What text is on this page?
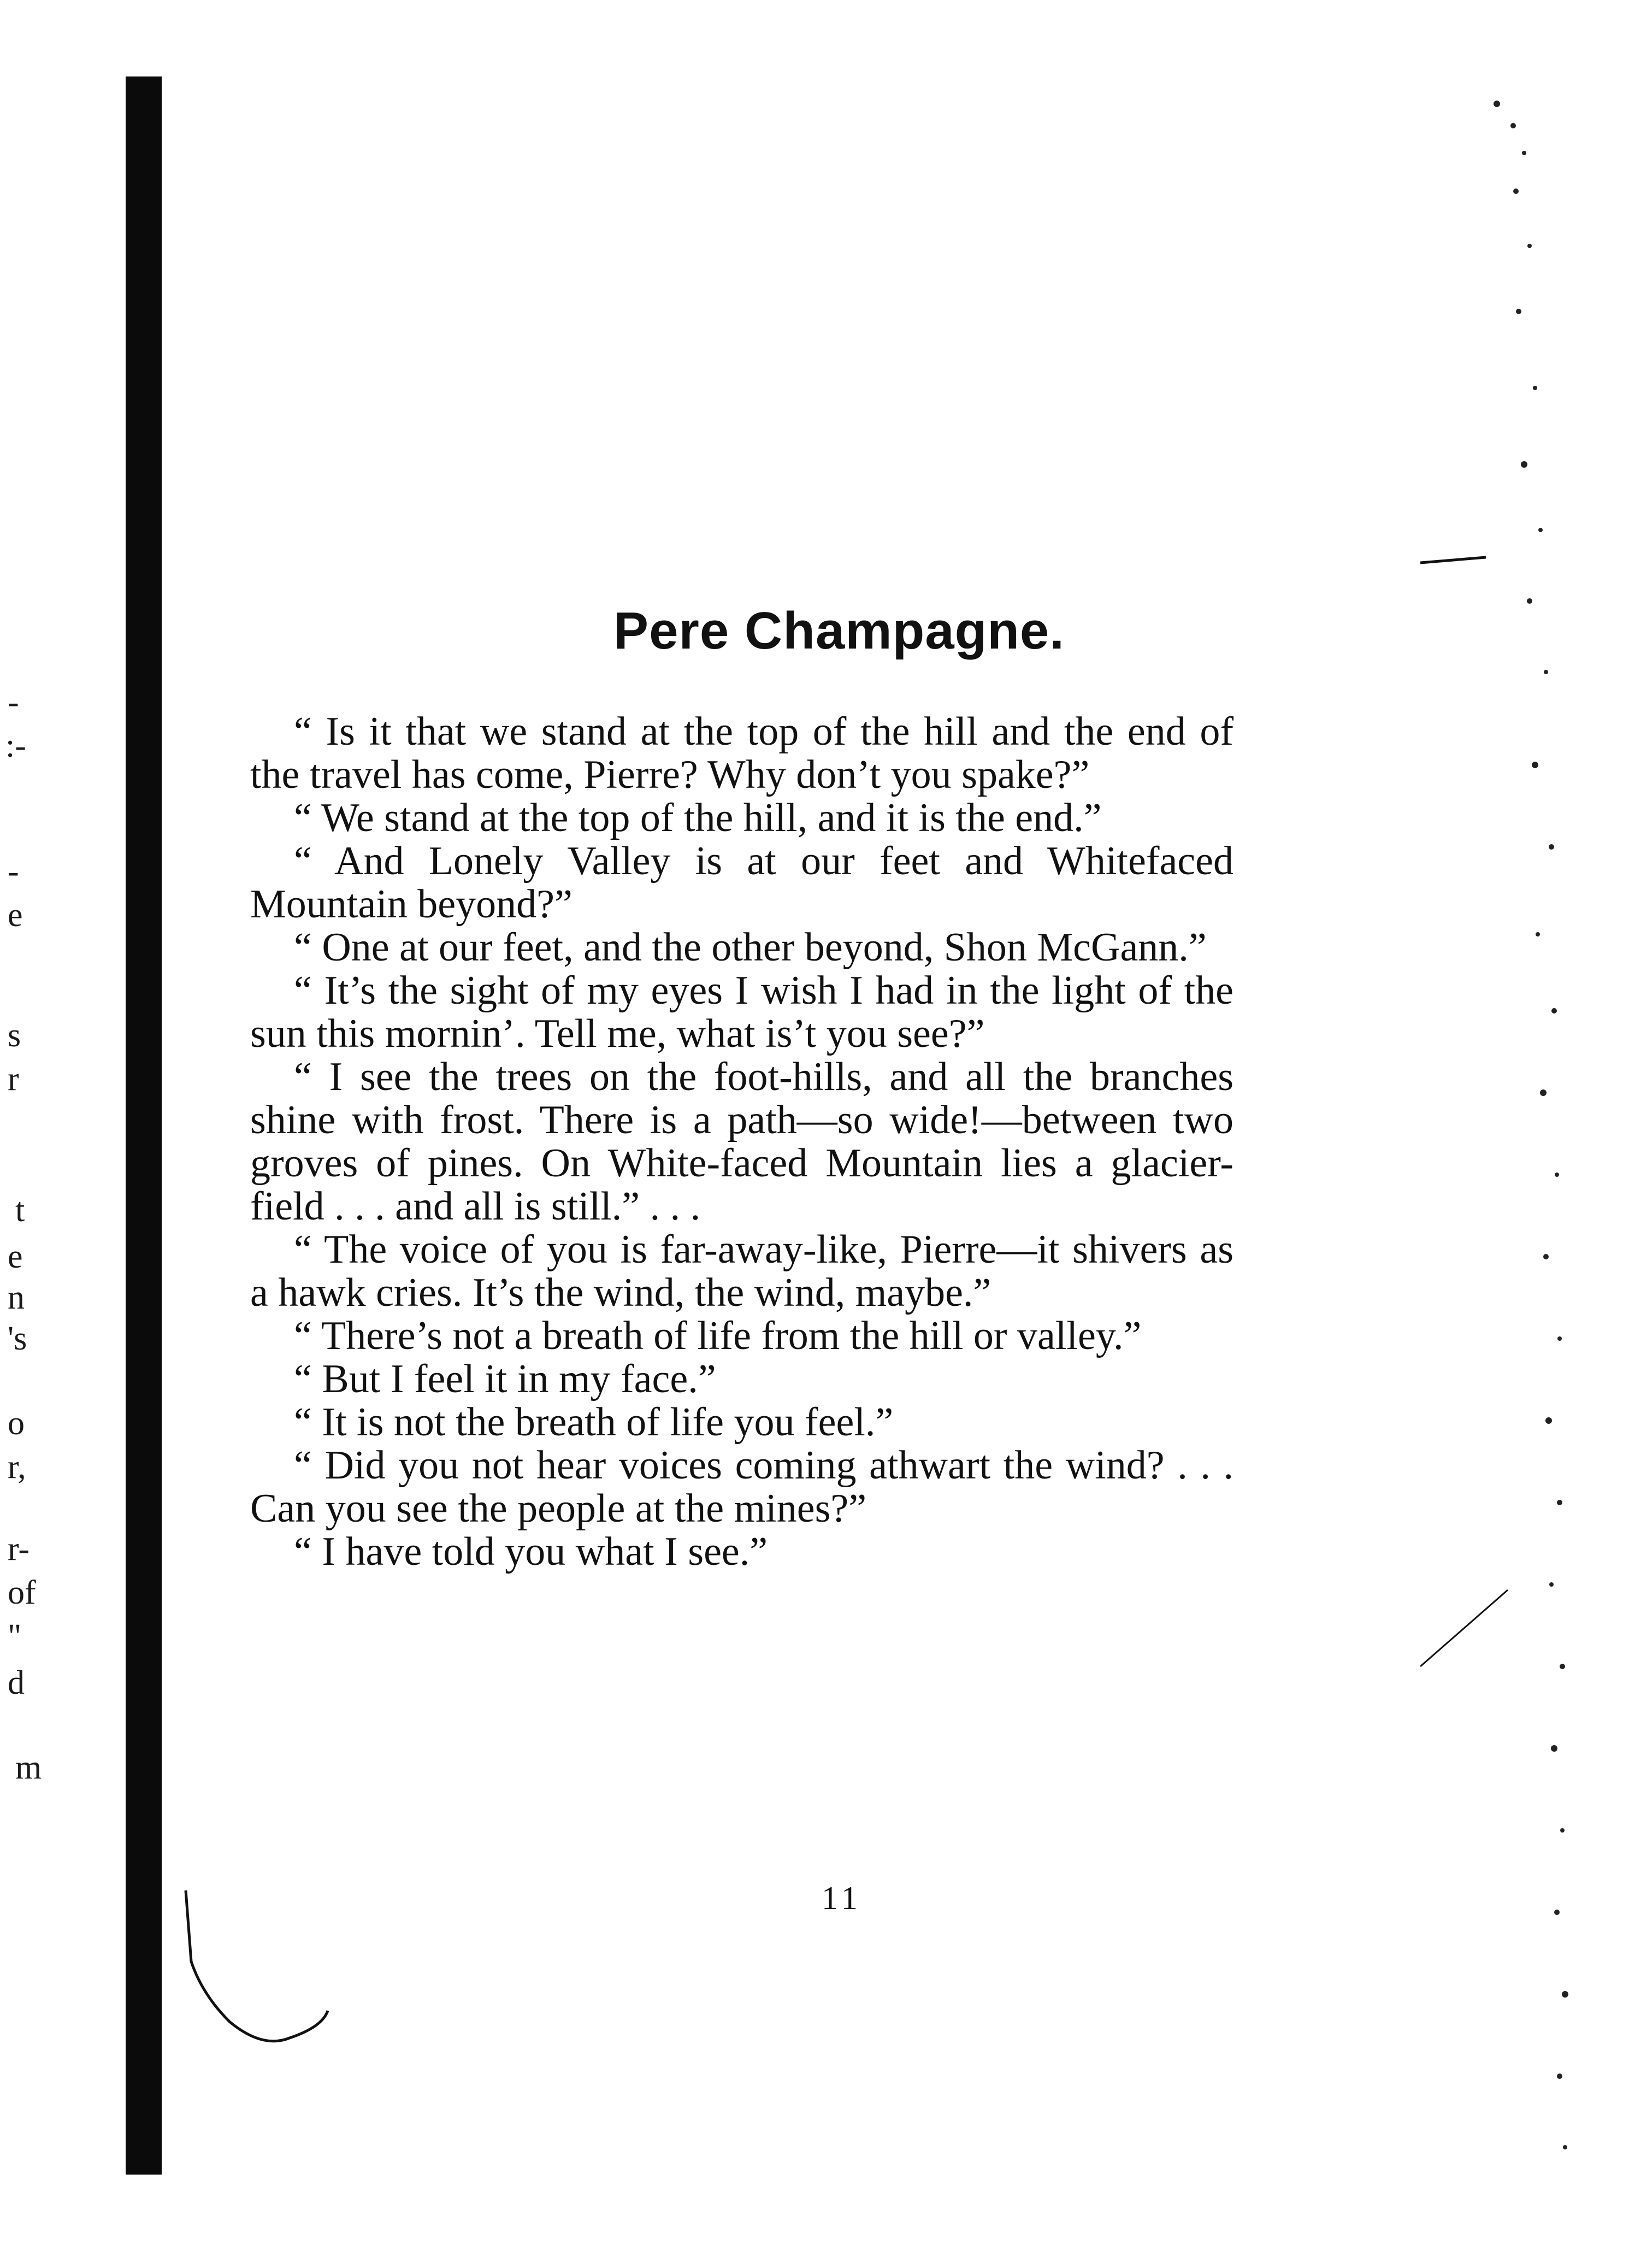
-
:-
-
e
s
r
t
e
n
's
o
r,
r-
of
"
d
m
Pere Champagne.

“ Is it that we stand at the top of the hill and the end of the travel has come, Pierre? Why don’t you spake?”

“ We stand at the top of the hill, and it is the end.”

“ And Lonely Valley is at our feet and Whitefaced Mountain beyond?”

“ One at our feet, and the other beyond, Shon McGann.”

“ It’s the sight of my eyes I wish I had in the light of the sun this mornin’. Tell me, what is’t you see?”

“ I see the trees on the foot-hills, and all the branches shine with frost. There is a path—so wide!—between two groves of pines. On White-faced Mountain lies a glacier-field . . . and all is still.” . . .

“ The voice of you is far-away-like, Pierre—it shivers as a hawk cries. It’s the wind, the wind, maybe.”

“ There’s not a breath of life from the hill or valley.”

“ But I feel it in my face.”

“ It is not the breath of life you feel.”

“ Did you not hear voices coming athwart the wind? . . . Can you see the people at the mines?”

“ I have told you what I see.”

11
